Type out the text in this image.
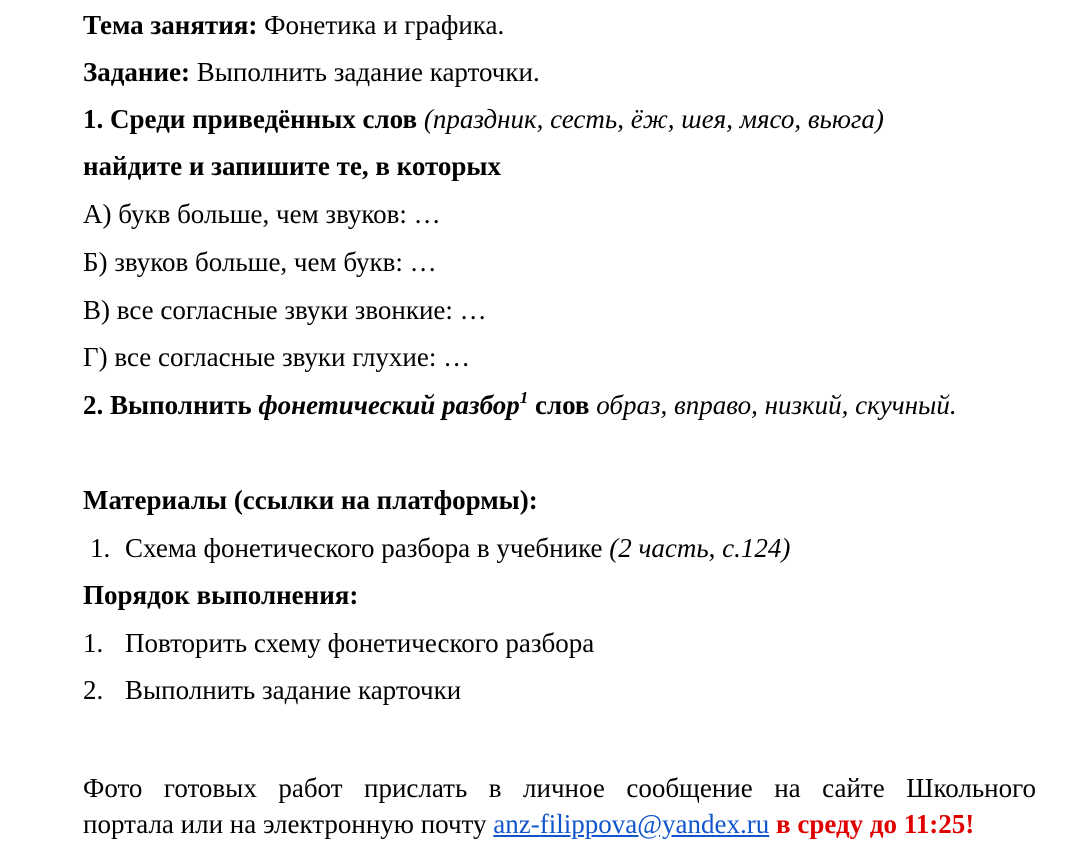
Тема занятия: Фонетика и графика.
Задание: Выполнить задание карточки.
1. Среди приведённых слов (праздник, сесть, ёж, шея, мясо, вьюга)
найдите и запишите те, в которых
А) букв больше, чем звуков: …
Б) звуков больше, чем букв: …
В) все согласные звуки звонкие: …
Г) все согласные звуки глухие: …
2. Выполнить фонетический разбор$^1$ слов образ, вправо, низкий, скучный.
Материалы (ссылки на платформы):
1. Схема фонетического разбора в учебнике (2 часть, с.124)
Порядок выполнения:
1. Повторить схему фонетического разбора
2. Выполнить задание карточки
Фото готовых работ прислать в личное сообщение на сайте Школьного
портала или на электронную почту anz-filippova@yandex.ru в среду до 11:25!
